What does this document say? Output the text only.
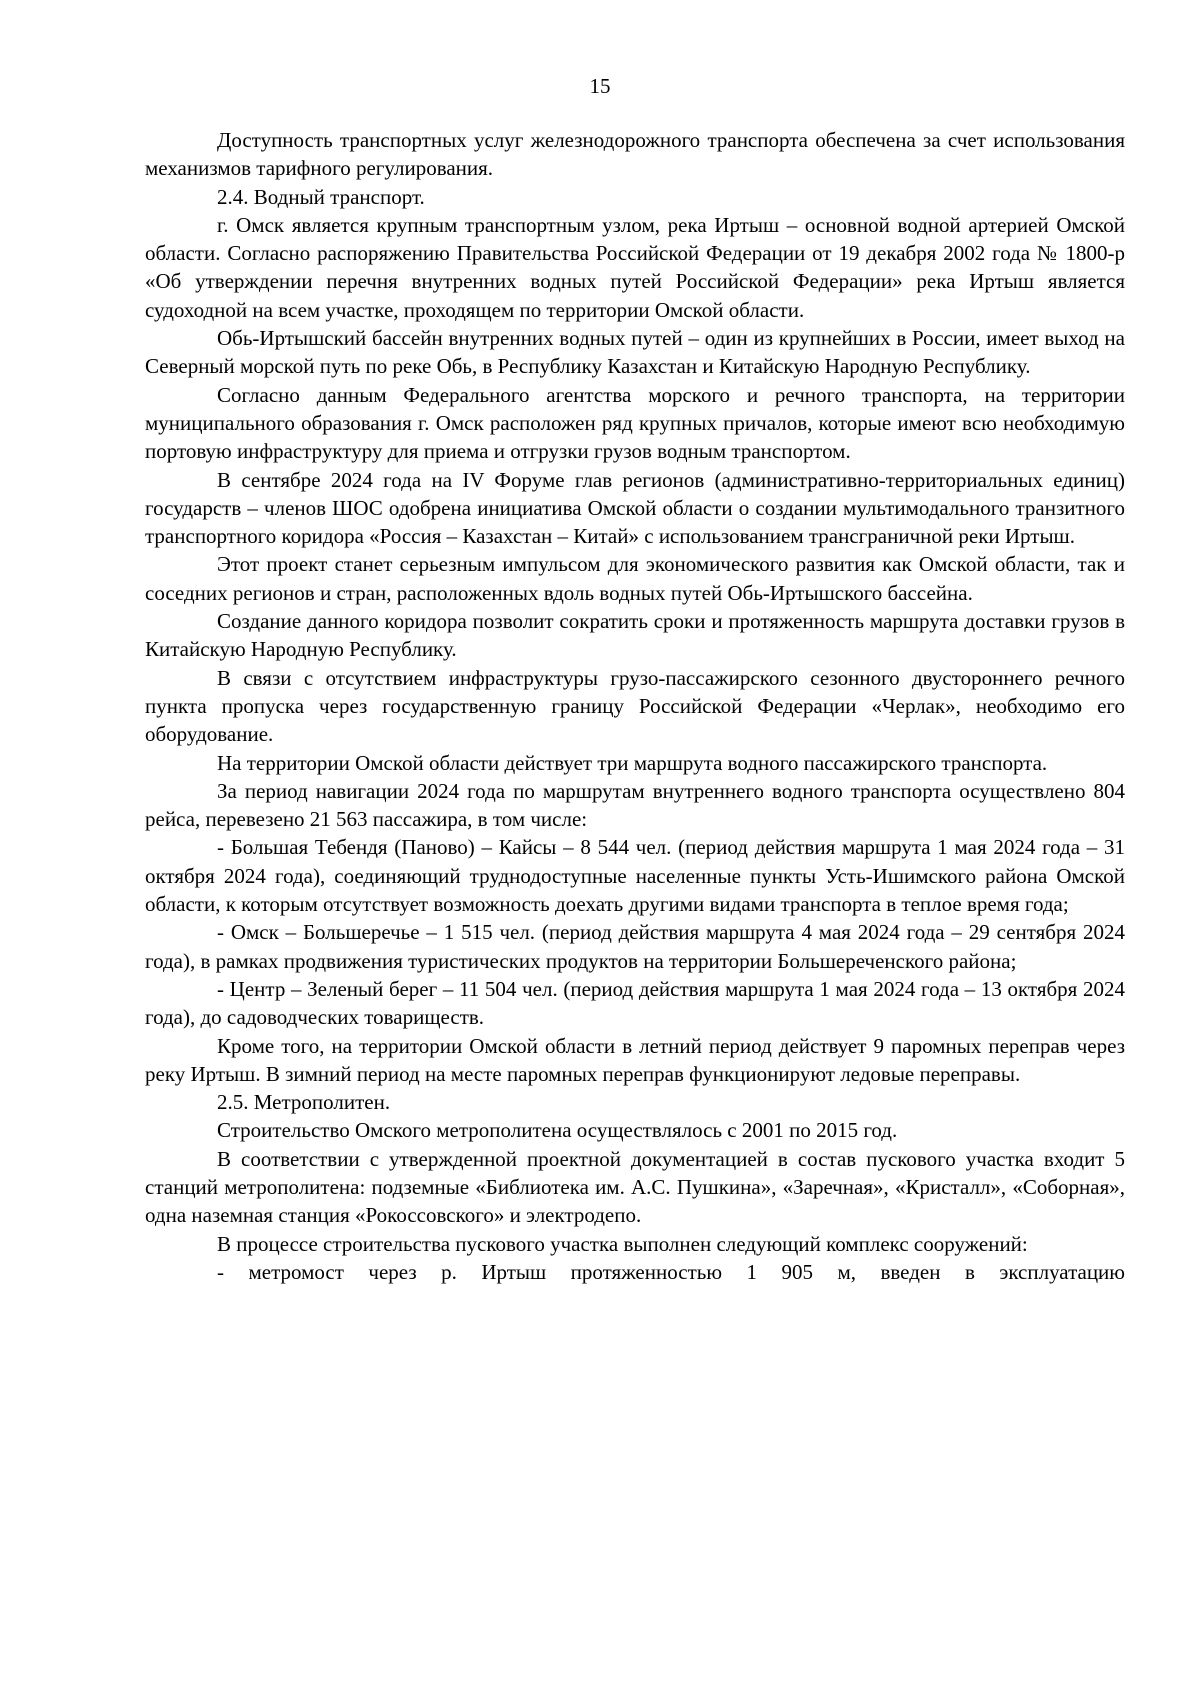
15

Доступность транспортных услуг железнодорожного транспорта обеспечена за счет использования механизмов тарифного регулирования.

2.4. Водный транспорт.

г. Омск является крупным транспортным узлом, река Иртыш – основной водной артерией Омской области. Согласно распоряжению Правительства Российской Федерации от 19 декабря 2002 года № 1800-р «Об утверждении перечня внутренних водных путей Российской Федерации» река Иртыш является судоходной на всем участке, проходящем по территории Омской области.

Обь-Иртышский бассейн внутренних водных путей – один из крупнейших в России, имеет выход на Северный морской путь по реке Обь, в Республику Казахстан и Китайскую Народную Республику.

Согласно данным Федерального агентства морского и речного транспорта, на территории муниципального образования г. Омск расположен ряд крупных причалов, которые имеют всю необходимую портовую инфраструктуру для приема и отгрузки грузов водным транспортом.

В сентябре 2024 года на IV Форуме глав регионов (административно-территориальных единиц) государств – членов ШОС одобрена инициатива Омской области о создании мультимодального транзитного транспортного коридора «Россия – Казахстан – Китай» с использованием трансграничной реки Иртыш.

Этот проект станет серьезным импульсом для экономического развития как Омской области, так и соседних регионов и стран, расположенных вдоль водных путей Обь-Иртышского бассейна.

Создание данного коридора позволит сократить сроки и протяженность маршрута доставки грузов в Китайскую Народную Республику.

В связи с отсутствием инфраструктуры грузо-пассажирского сезонного двустороннего речного пункта пропуска через государственную границу Российской Федерации «Черлак», необходимо его оборудование.

На территории Омской области действует три маршрута водного пассажирского транспорта.

За период навигации 2024 года по маршрутам внутреннего водного транспорта осуществлено 804 рейса, перевезено 21 563 пассажира, в том числе:

- Большая Тебендя (Паново) – Кайсы – 8 544 чел. (период действия маршрута 1 мая 2024 года – 31 октября 2024 года), соединяющий труднодоступные населенные пункты Усть-Ишимского района Омской области, к которым отсутствует возможность доехать другими видами транспорта в теплое время года;

- Омск – Большеречье – 1 515 чел. (период действия маршрута 4 мая 2024 года – 29 сентября 2024 года), в рамках продвижения туристических продуктов на территории Большереченского района;

- Центр – Зеленый берег – 11 504 чел. (период действия маршрута 1 мая 2024 года – 13 октября 2024 года), до садоводческих товариществ.

Кроме того, на территории Омской области в летний период действует 9 паромных переправ через реку Иртыш. В зимний период на месте паромных переправ функционируют ледовые переправы.

2.5. Метрополитен.

Строительство Омского метрополитена осуществлялось с 2001 по 2015 год.

В соответствии с утвержденной проектной документацией в состав пускового участка входит 5 станций метрополитена: подземные «Библиотека им. А.С. Пушкина», «Заречная», «Кристалл», «Соборная», одна наземная станция «Рокоссовского» и электродепо.

В процессе строительства пускового участка выполнен следующий комплекс сооружений:

- метромост через р. Иртыш протяженностью 1 905 м, введен в эксплуатацию
